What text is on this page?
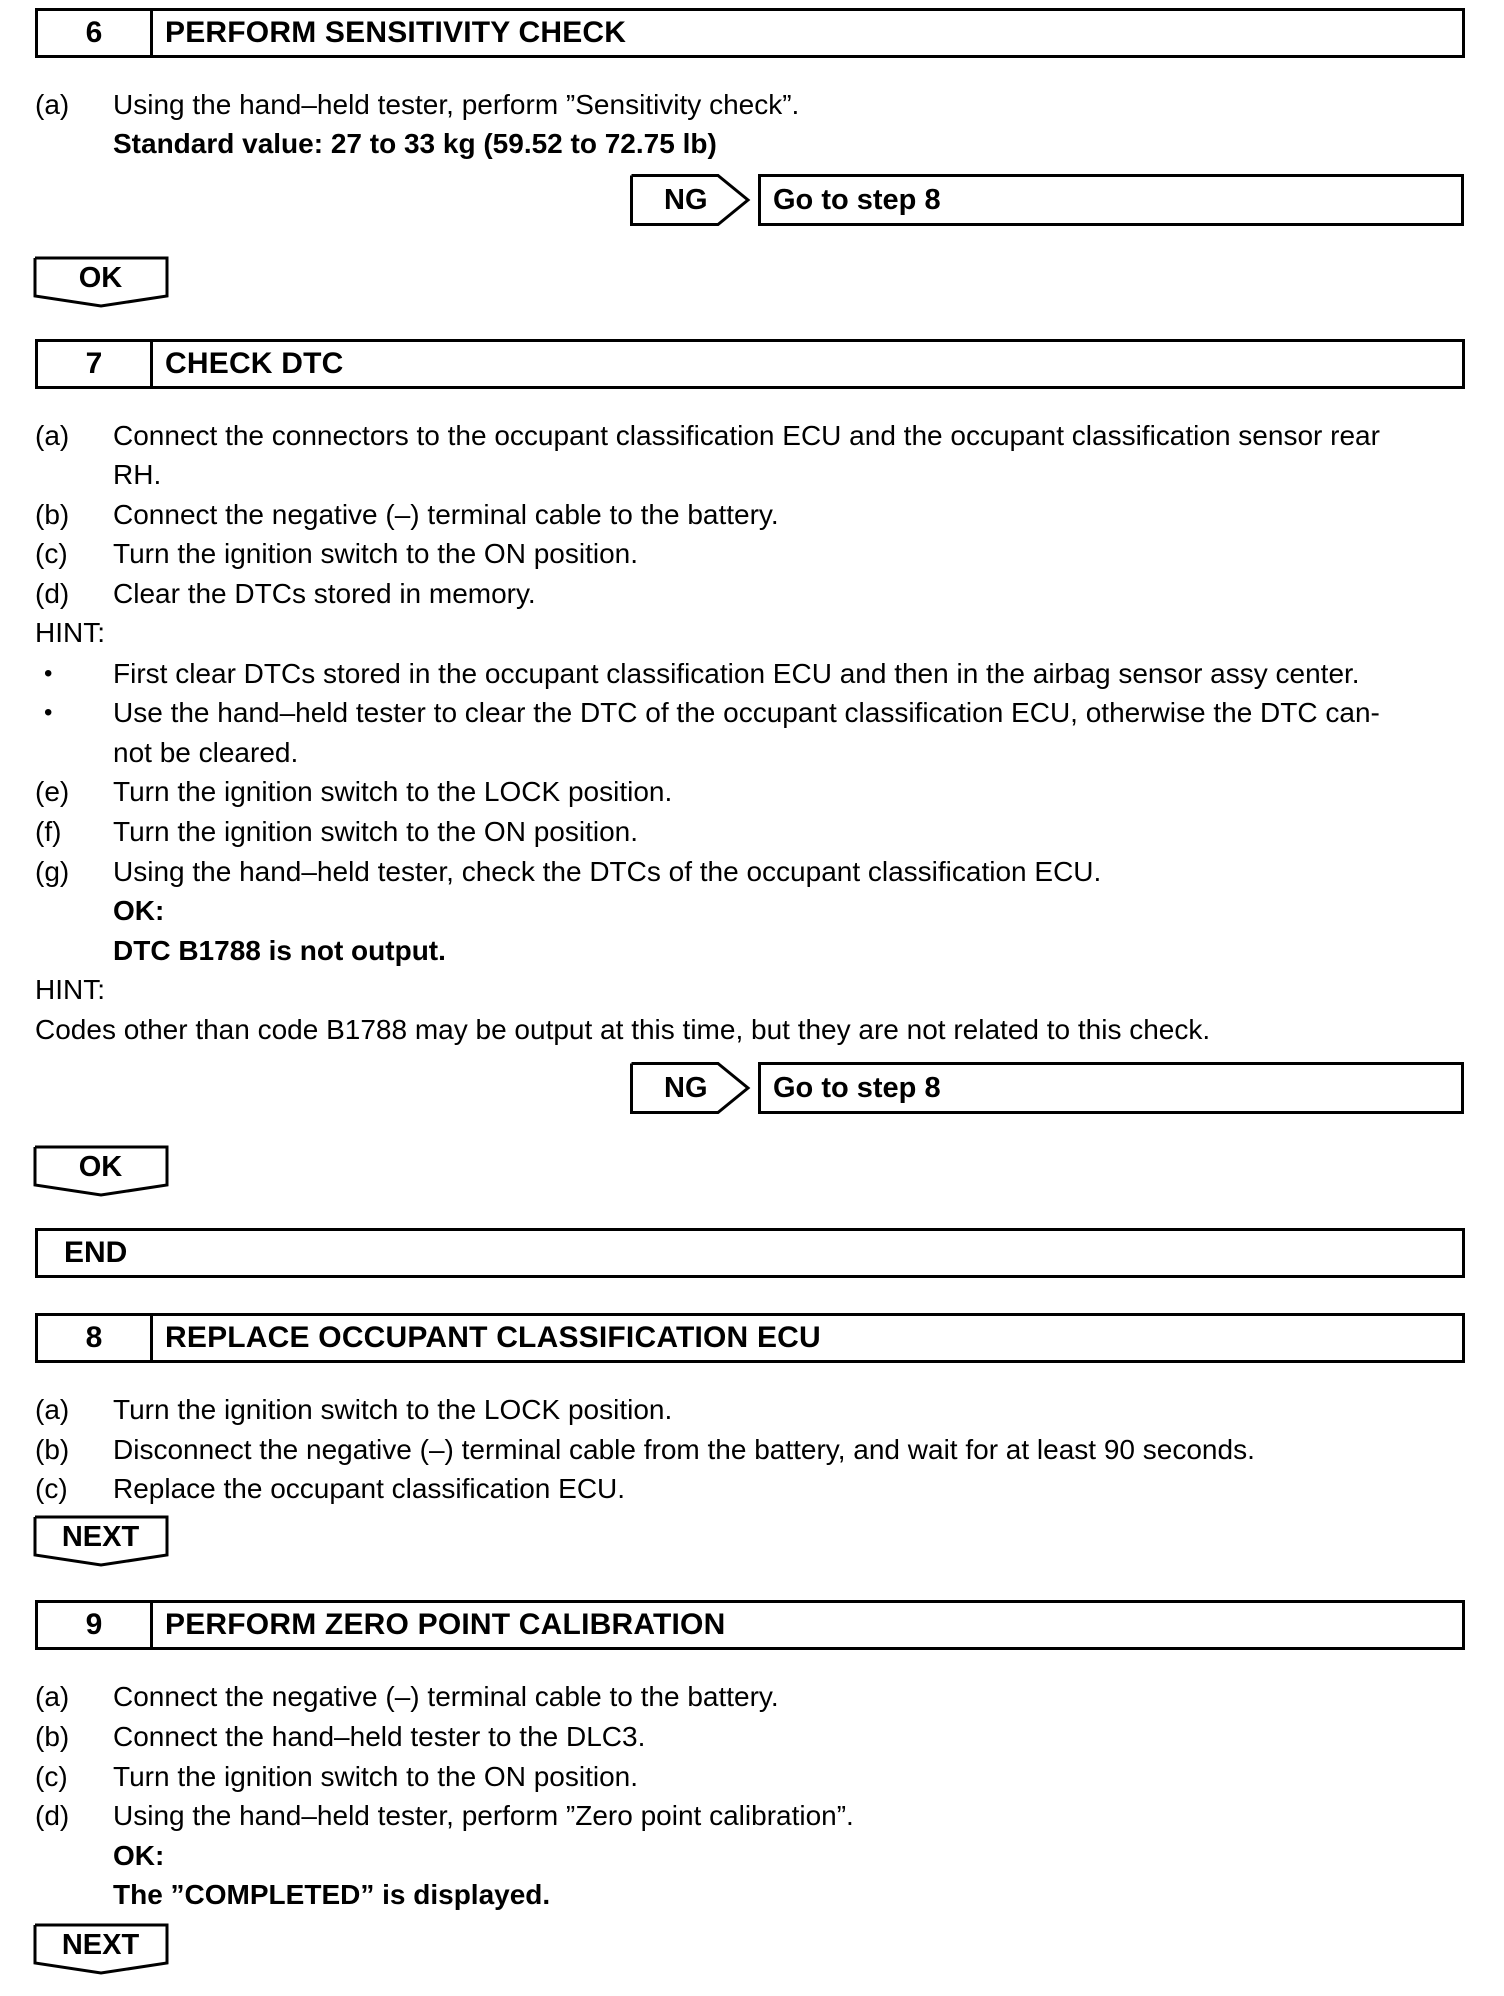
6	PERFORM SENSITIVITY CHECK
(a) Using the hand–held tester, perform ”Sensitivity check”.
Standard value: 27 to 33 kg (59.52 to 72.75 lb)
NG	Go to step 8
OK
7	CHECK DTC
(a) Connect the connectors to the occupant classification ECU and the occupant classification sensor rear
RH.
(b) Connect the negative (–) terminal cable to the battery.
(c) Turn the ignition switch to the ON position.
(d) Clear the DTCs stored in memory.
HINT:
• First clear DTCs stored in the occupant classification ECU and then in the airbag sensor assy center.
• Use the hand–held tester to clear the DTC of the occupant classification ECU, otherwise the DTC can-
not be cleared.
(e) Turn the ignition switch to the LOCK position.
(f) Turn the ignition switch to the ON position.
(g) Using the hand–held tester, check the DTCs of the occupant classification ECU.
OK:
DTC B1788 is not output.
HINT:
Codes other than code B1788 may be output at this time, but they are not related to this check.
NG	Go to step 8
OK
END
8	REPLACE OCCUPANT CLASSIFICATION ECU
(a) Turn the ignition switch to the LOCK position.
(b) Disconnect the negative (–) terminal cable from the battery, and wait for at least 90 seconds.
(c) Replace the occupant classification ECU.
NEXT
9	PERFORM ZERO POINT CALIBRATION
(a) Connect the negative (–) terminal cable to the battery.
(b) Connect the hand–held tester to the DLC3.
(c) Turn the ignition switch to the ON position.
(d) Using the hand–held tester, perform ”Zero point calibration”.
OK:
The ”COMPLETED” is displayed.
NEXT
